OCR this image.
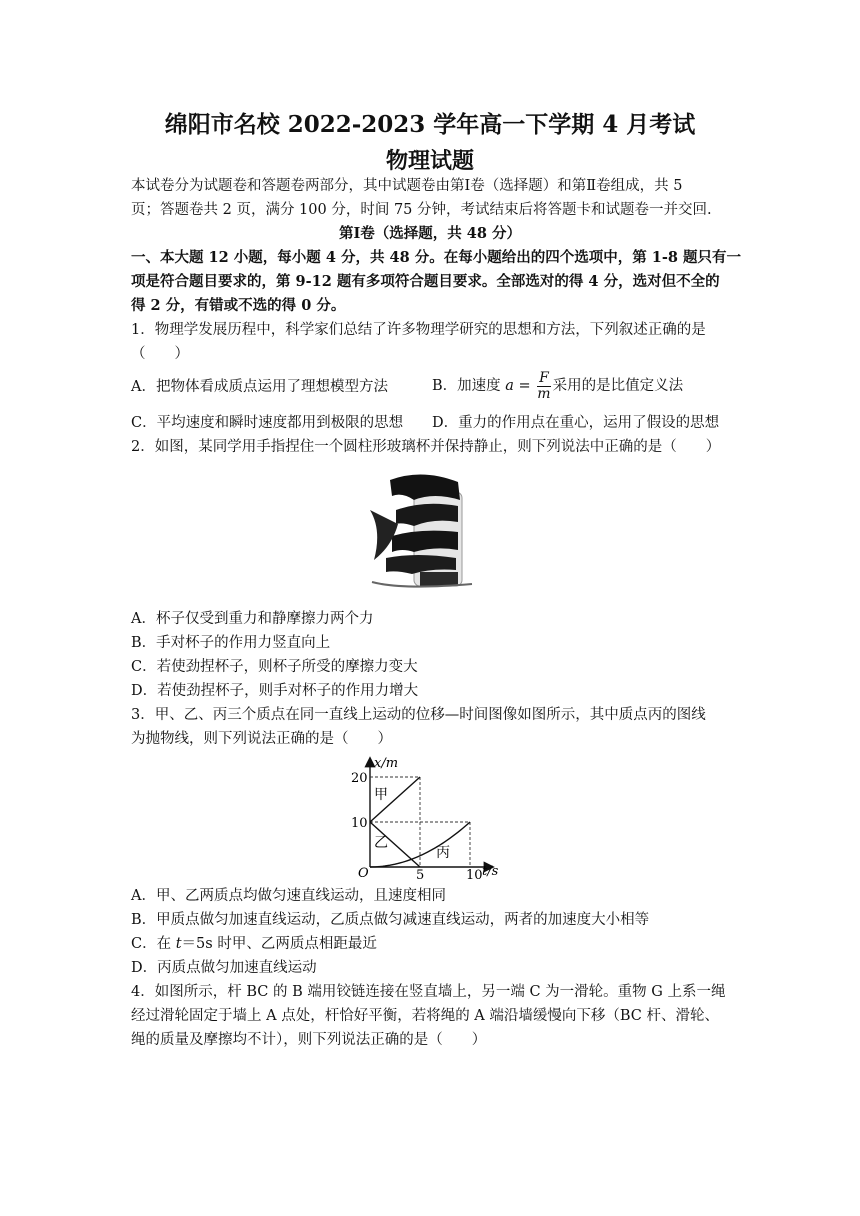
绵阳市名校 2022-2023 学年高一下学期 4 月考试
物理试题
本试卷分为试题卷和答题卷两部分，其中试题卷由第Ⅰ卷（选择题）和第Ⅱ卷组成，共 5
页；答题卷共 2 页，满分 100 分，时间 75 分钟，考试结束后将答题卡和试题卷一并交回.
第Ⅰ卷（选择题，共 48 分）
一、本大题 12 小题，每小题 4 分，共 48 分。在每小题给出的四个选项中，第 1-8 题只有一
项是符合题目要求的，第 9-12 题有多项符合题目要求。全部选对的得 4 分，选对但不全的
得 2 分，有错或不选的得 0 分。
1．物理学发展历程中，科学家们总结了许多物理学研究的思想和方法，下列叙述正确的是
（　　）
A．把物体看成质点运用了理想模型方法	B．加速度 $a = \frac{F}{m}$ 采用的是比值定义法
C．平均速度和瞬时速度都用到极限的思想 D．重力的作用点在重心，运用了假设的思想
2．如图，某同学用手指捏住一个圆柱形玻璃杯并保持静止，则下列说法中正确的是（　　）
A．杯子仅受到重力和静摩擦力两个力
B．手对杯子的作用力竖直向上
C．若使劲捏杯子，则杯子所受的摩擦力变大
D．若使劲捏杯子，则手对杯子的作用力增大
3．甲、乙、丙三个质点在同一直线上运动的位移—时间图像如图所示，其中质点丙的图线
为抛物线，则下列说法正确的是（　　）
x/m
t/s
O	5	10
10
20
甲
乙
丙
A．甲、乙两质点均做匀速直线运动，且速度相同
B．甲质点做匀加速直线运动，乙质点做匀减速直线运动，两者的加速度大小相等
C．在 t＝5s 时甲、乙两质点相距最近
D．丙质点做匀加速直线运动
4．如图所示，杆 BC 的 B 端用铰链连接在竖直墙上，另一端 C 为一滑轮。重物 G 上系一绳
经过滑轮固定于墙上 A 点处，杆恰好平衡，若将绳的 A 端沿墙缓慢向下移（BC 杆、滑轮、
绳的质量及摩擦均不计），则下列说法正确的是（　　）
